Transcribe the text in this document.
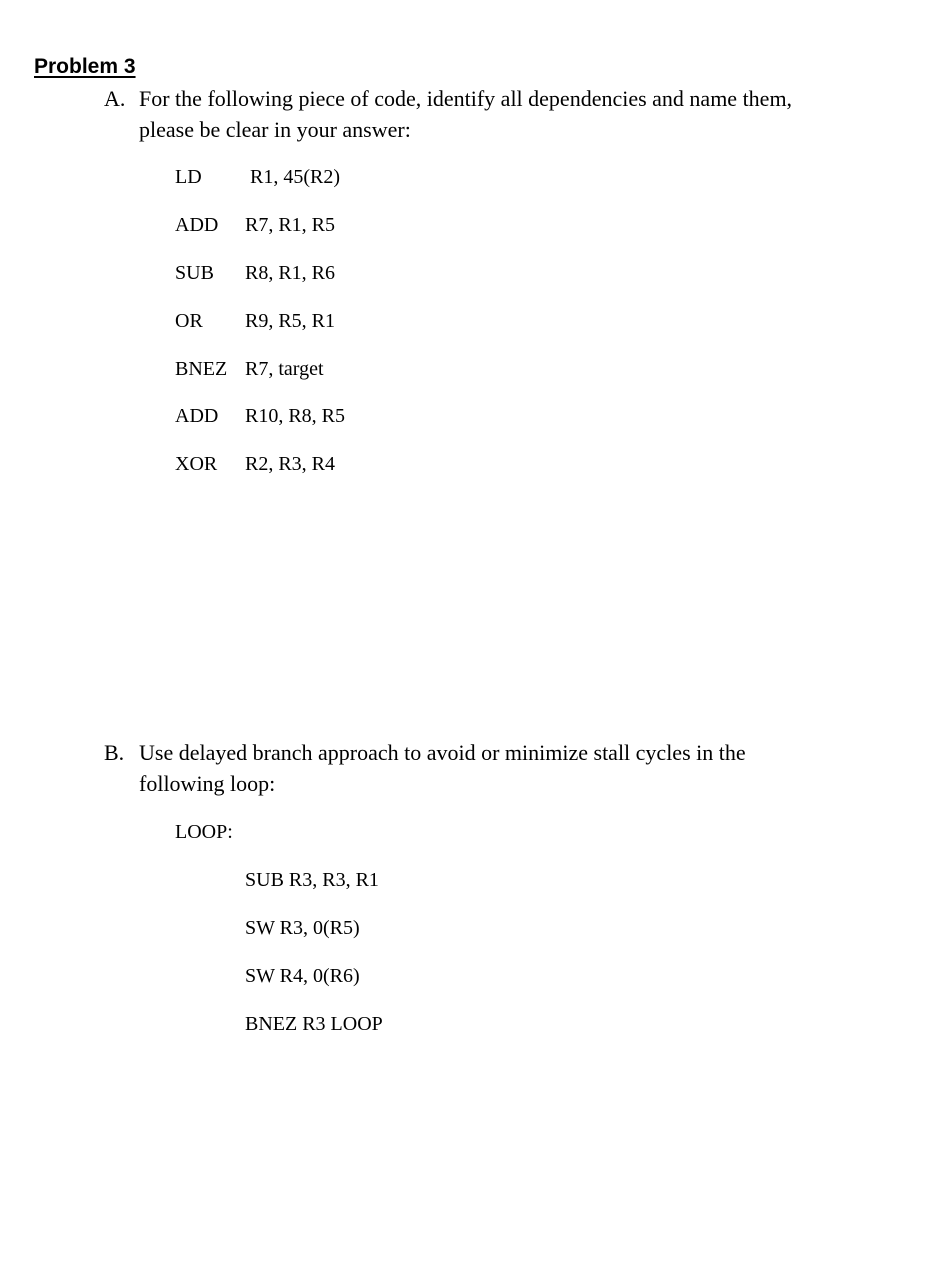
Problem 3
A. For the following piece of code, identify all dependencies and name them,
please be clear in your answer:
LD R1, 45(R2)
ADD R7, R1, R5
SUB R8, R1, R6
OR R9, R5, R1
BNEZ R7, target
ADD R10, R8, R5
XOR R2, R3, R4
B. Use delayed branch approach to avoid or minimize stall cycles in the
following loop:
LOOP:
SUB R3, R3, R1
SW R3, 0(R5)
SW R4, 0(R6)
BNEZ R3 LOOP
